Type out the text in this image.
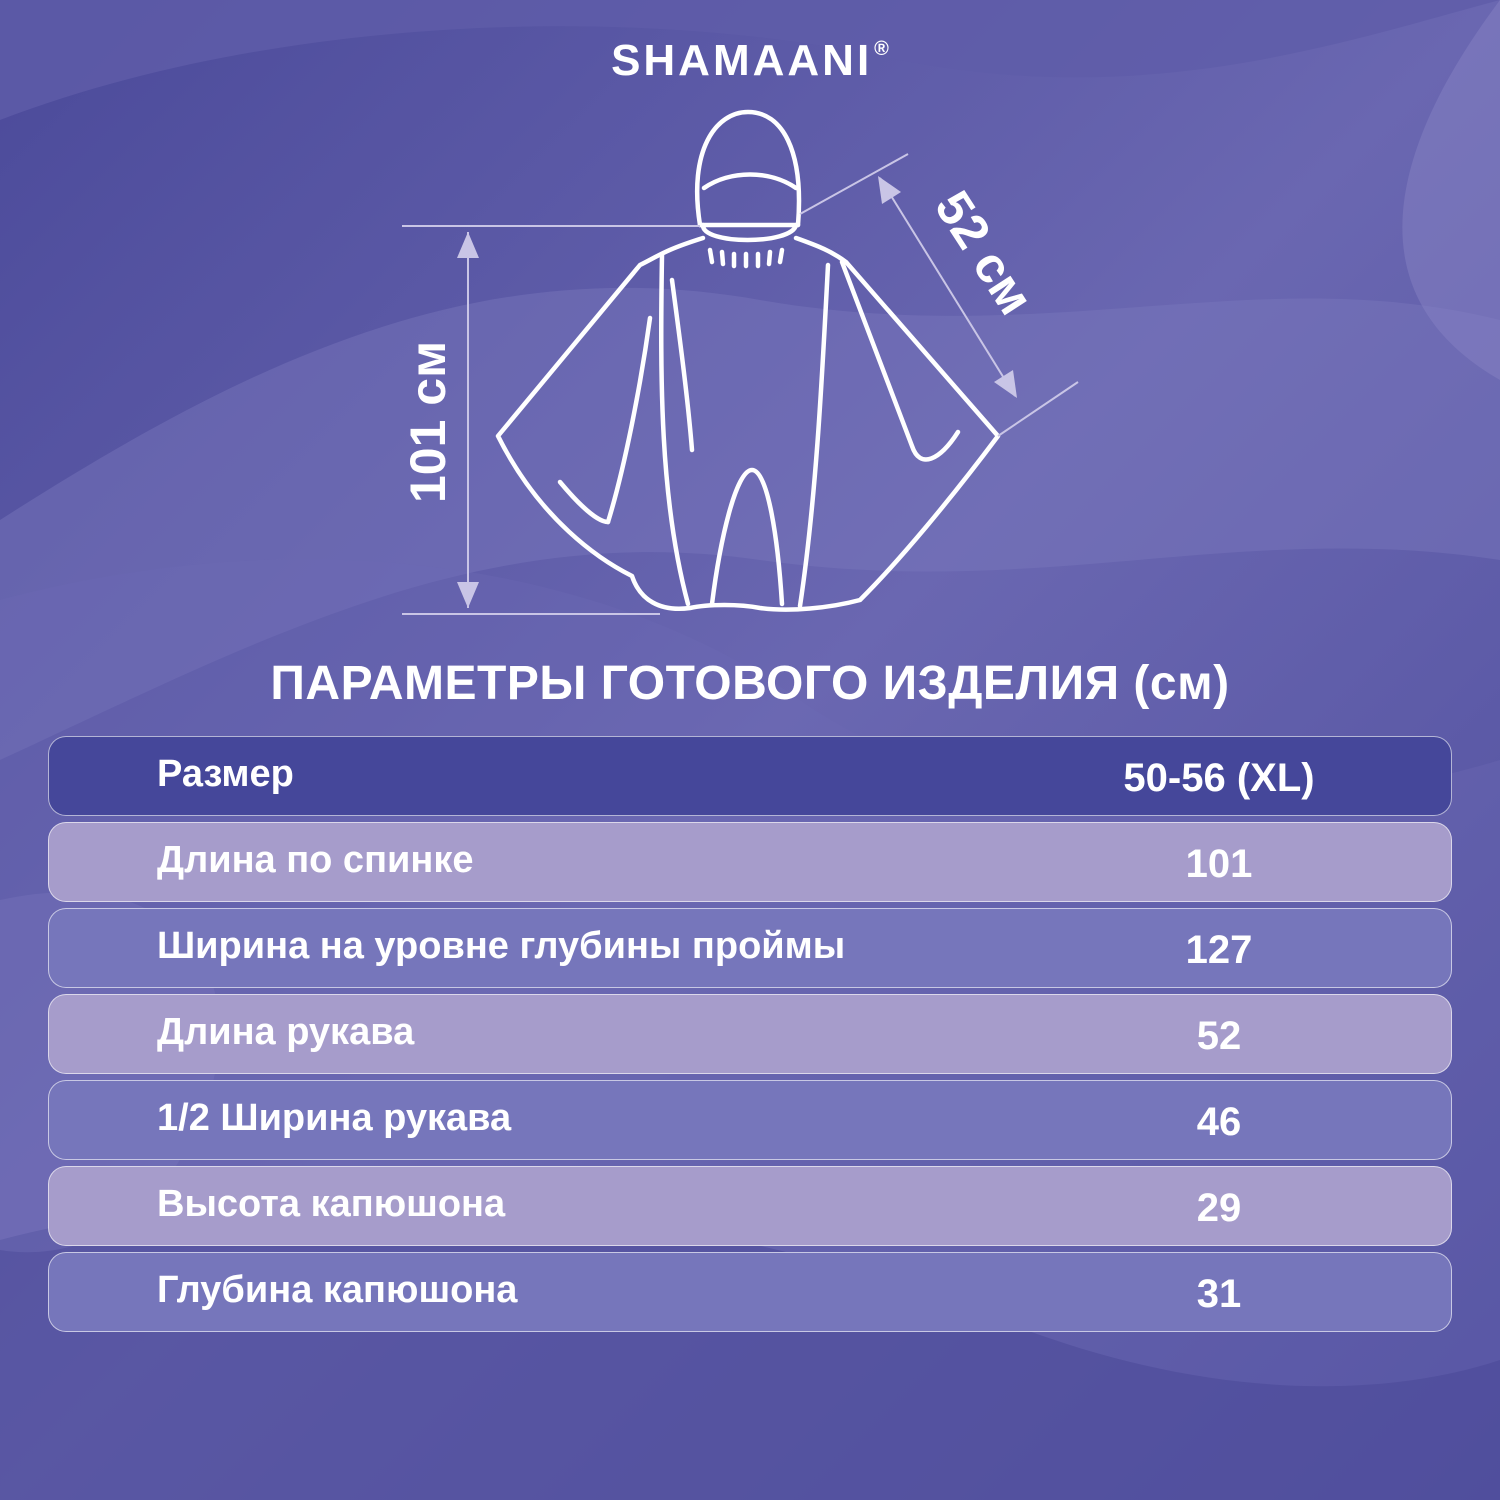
SHAMAANI ®
101 см
52 см
ПАРАМЕТРЫ ГОТОВОГО ИЗДЕЛИЯ (см)
Размер	50-56 (XL)
Длина по спинке	101
Ширина на уровне глубины проймы	127
Длина рукава	52
1/2 Ширина рукава	46
Высота капюшона	29
Глубина капюшона	31
